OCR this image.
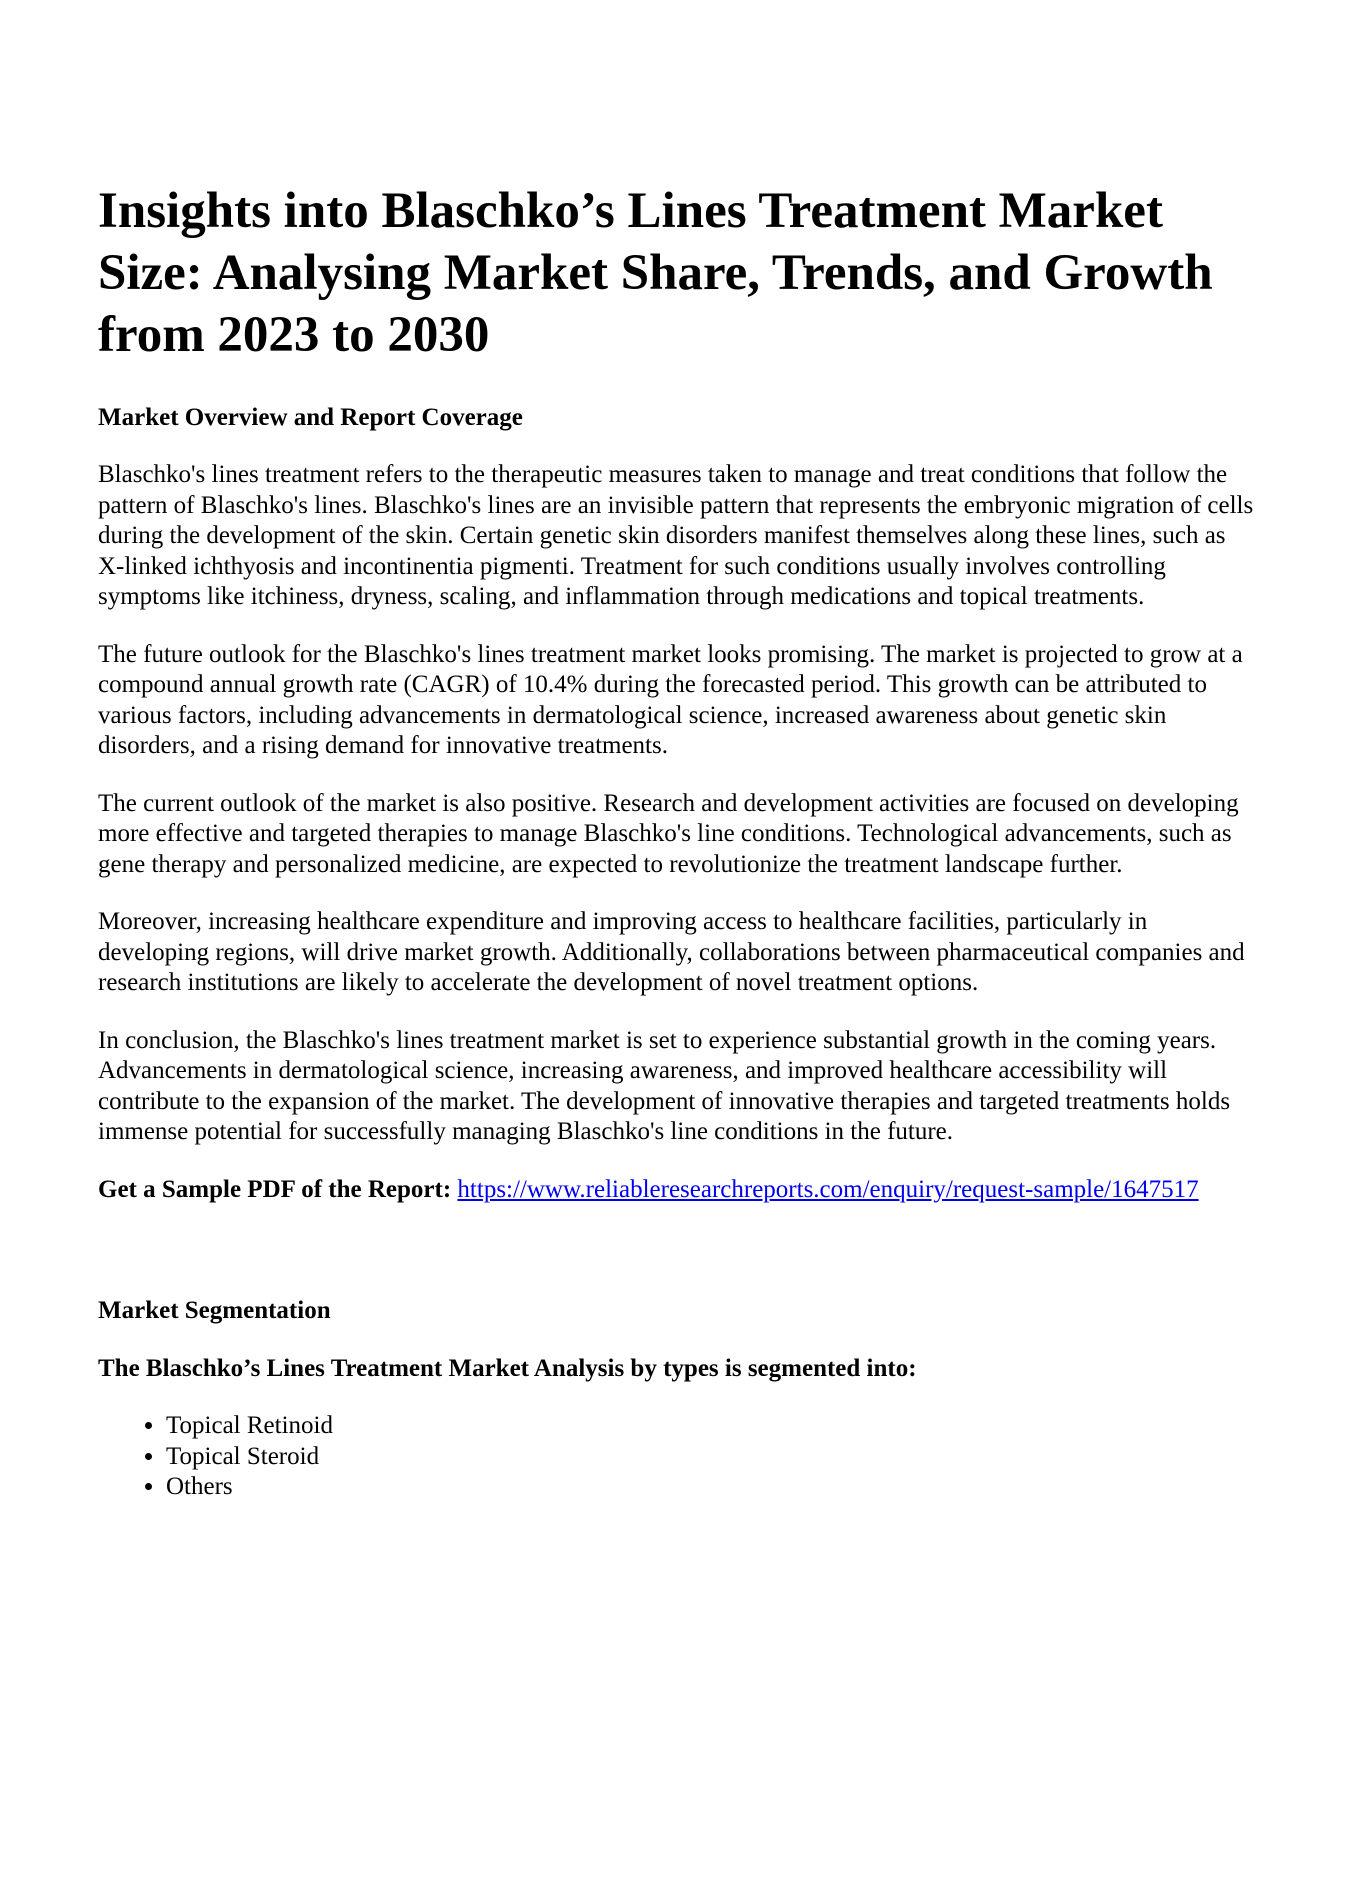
Insights into Blaschko’s Lines Treatment Market Size: Analysing Market Share, Trends, and Growth from 2023 to 2030
Market Overview and Report Coverage

Blaschko's lines treatment refers to the therapeutic measures taken to manage and treat conditions that follow the pattern of Blaschko's lines. Blaschko's lines are an invisible pattern that represents the embryonic migration of cells during the development of the skin. Certain genetic skin disorders manifest themselves along these lines, such as X-linked ichthyosis and incontinentia pigmenti. Treatment for such conditions usually involves controlling symptoms like itchiness, dryness, scaling, and inflammation through medications and topical treatments.

The future outlook for the Blaschko's lines treatment market looks promising. The market is projected to grow at a compound annual growth rate (CAGR) of 10.4% during the forecasted period. This growth can be attributed to various factors, including advancements in dermatological science, increased awareness about genetic skin disorders, and a rising demand for innovative treatments.

The current outlook of the market is also positive. Research and development activities are focused on developing more effective and targeted therapies to manage Blaschko's line conditions. Technological advancements, such as gene therapy and personalized medicine, are expected to revolutionize the treatment landscape further.

Moreover, increasing healthcare expenditure and improving access to healthcare facilities, particularly in developing regions, will drive market growth. Additionally, collaborations between pharmaceutical companies and research institutions are likely to accelerate the development of novel treatment options.

In conclusion, the Blaschko's lines treatment market is set to experience substantial growth in the coming years. Advancements in dermatological science, increasing awareness, and improved healthcare accessibility will contribute to the expansion of the market. The development of innovative therapies and targeted treatments holds immense potential for successfully managing Blaschko's line conditions in the future.

Get a Sample PDF of the Report: https://www.reliableresearchreports.com/enquiry/request-sample/1647517
Market Segmentation
The Blaschko’s Lines Treatment Market Analysis by types is segmented into:
• Topical Retinoid
• Topical Steroid
• Others
